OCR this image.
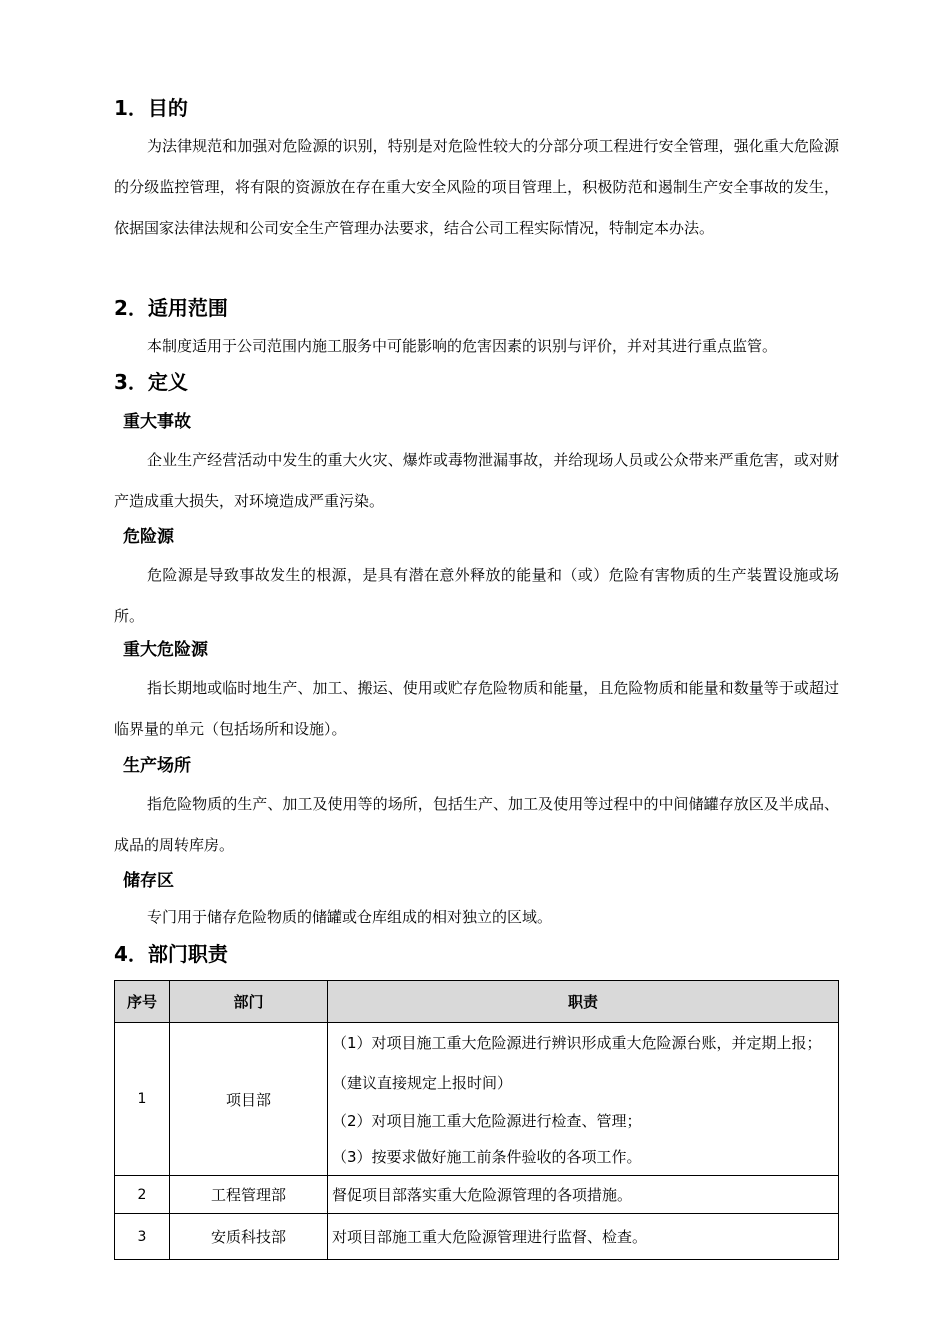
1．目的
为法律规范和加强对危险源的识别，特别是对危险性较大的分部分项工程进行安全管理，强化重大危险源的分级监控管理，将有限的资源放在存在重大安全风险的项目管理上，积极防范和遏制生产安全事故的发生，依据国家法律法规和公司安全生产管理办法要求，结合公司工程实际情况，特制定本办法。
2．适用范围
本制度适用于公司范围内施工服务中可能影响的危害因素的识别与评价，并对其进行重点监管。
3．定义
重大事故
企业生产经营活动中发生的重大火灾、爆炸或毒物泄漏事故，并给现场人员或公众带来严重危害，或对财产造成重大损失，对环境造成严重污染。
危险源
危险源是导致事故发生的根源，是具有潜在意外释放的能量和（或）危险有害物质的生产装置设施或场所。
重大危险源
指长期地或临时地生产、加工、搬运、使用或贮存危险物质和能量，且危险物质和能量和数量等于或超过临界量的单元（包括场所和设施）。
生产场所
指危险物质的生产、加工及使用等的场所，包括生产、加工及使用等过程中的中间储罐存放区及半成品、成品的周转库房。
储存区
专门用于储存危险物质的储罐或仓库组成的相对独立的区域。
4．部门职责
序号	部门	职责
1	项目部	（1）对项目施工重大危险源进行辨识形成重大危险源台账，并定期上报；（建议直接规定上报时间）
（2）对项目施工重大危险源进行检查、管理；
（3）按要求做好施工前条件验收的各项工作。

2	工程管理部	督促项目部落实重大危险源管理的各项措施。

3	安质科技部	对项目部施工重大危险源管理进行监督、检查。
